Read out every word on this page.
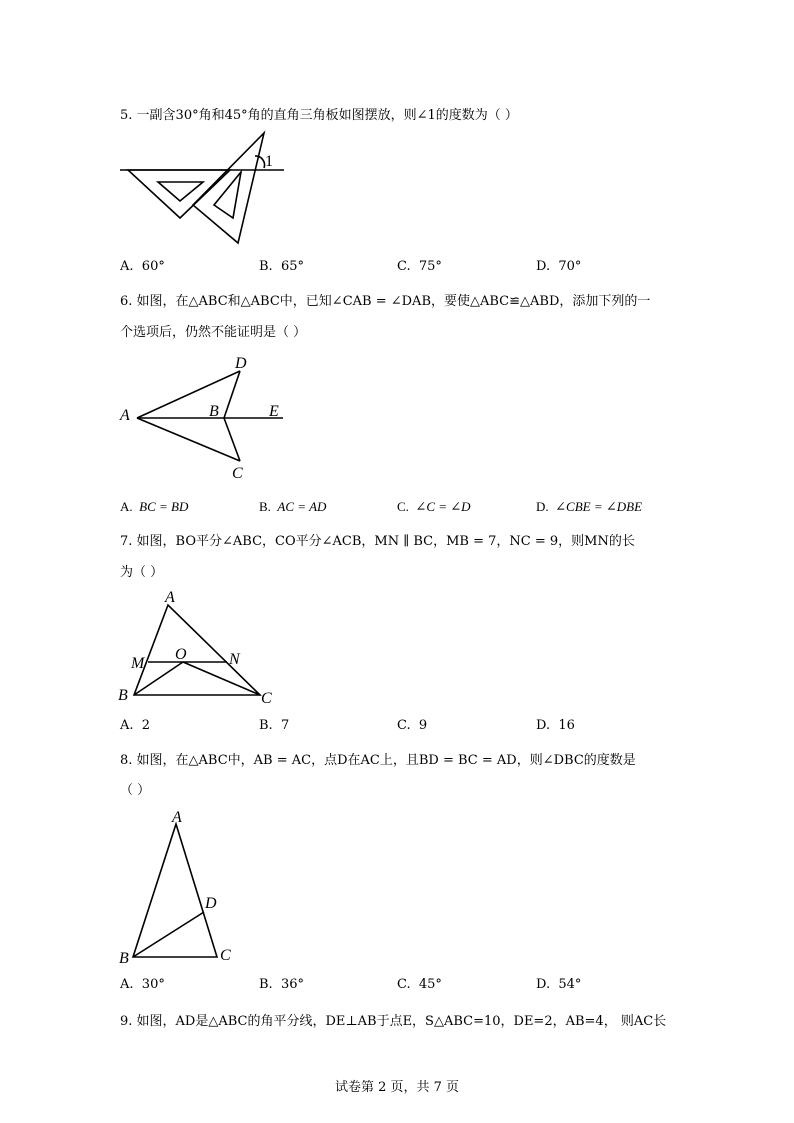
5. 一副含30°角和45°角的直角三角板如图摆放，则∠1的度数为（ ）
1
A. 60°	B. 65°	C. 75°	D. 70°
6. 如图，在△ABC和△ABC中，已知∠CAB = ∠DAB，要使△ABC≌△ABD，添加下列的一
个选项后，仍然不能证明是（ ）
A	B
C
D
E
A. BC = BD	B. AC = AD	C. ∠C = ∠D	D. ∠CBE = ∠DBE
7. 如图，BO平分∠ABC，CO平分∠ACB，MN ∥ BC，MB = 7，NC = 9，则MN的长
为（ ）
A
M
O	N
B	C
A. 2	B. 7	C. 9	D. 16
8. 如图，在△ABC中，AB = AC，点D在AC上，且BD = BC = AD，则∠DBC的度数是
（ ）
A
D
B	C
A. 30°	B. 36°	C. 45°	D. 54°
9. 如图，AD是△ABC的角平分线，DE⊥AB于点E，S△ABC=10，DE=2，AB=4， 则AC长
试卷第 2 页，共 7 页
